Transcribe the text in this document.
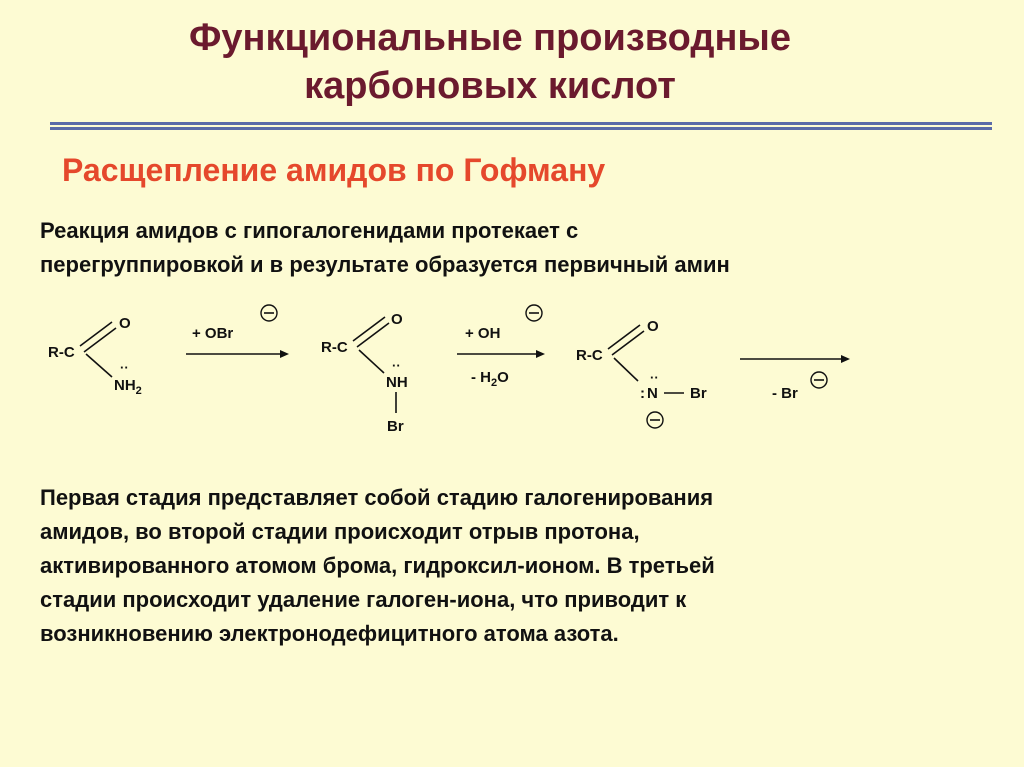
Функциональные производные
карбоновых кислот
Расщепление амидов по Гофману

Реакция амидов с гипогалогенидами протекает с
перегруппировкой и в результате образуется первичный амин

R-C
O
··
$NH_2$
+ OBr
R-C
O
··
NH
Br
+ OH
- $H_2O$
R-C
O
:
··
N Br	- Br

Первая стадия представляет собой стадию галогенирования
амидов, во второй стадии происходит отрыв протона,
активированного атомом брома, гидроксил-ионом. В третьей
стадии происходит удаление галоген-иона, что приводит к
возникновению электронодефицитного атома азота.
